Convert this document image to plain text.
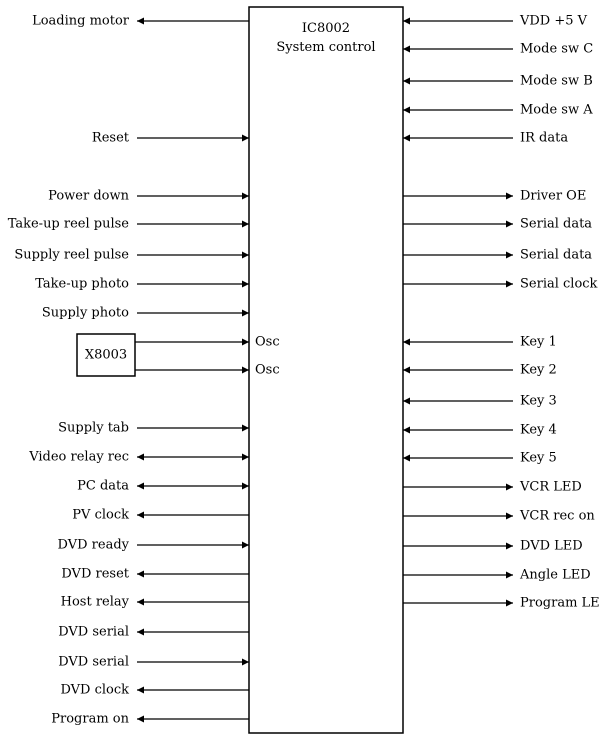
IC8002
System control
X8003
Loading motor
Reset
Power down
Take-up reel pulse
Supply reel pulse
Take-up photo
Supply photo
Supply tab
Video relay rec
PC data
PV clock
DVD ready
DVD reset
Host relay
DVD serial
DVD serial
DVD clock
Program on
VDD +5 V
Mode sw C
Mode sw B
Mode sw A
IR data
Driver OE
Serial data
Serial data
Serial clock
Key 1
Key 2
Key 3
Key 4
Key 5
VCR LED
VCR rec on
DVD LED
Angle LED
Program LE
Osc
Osc
